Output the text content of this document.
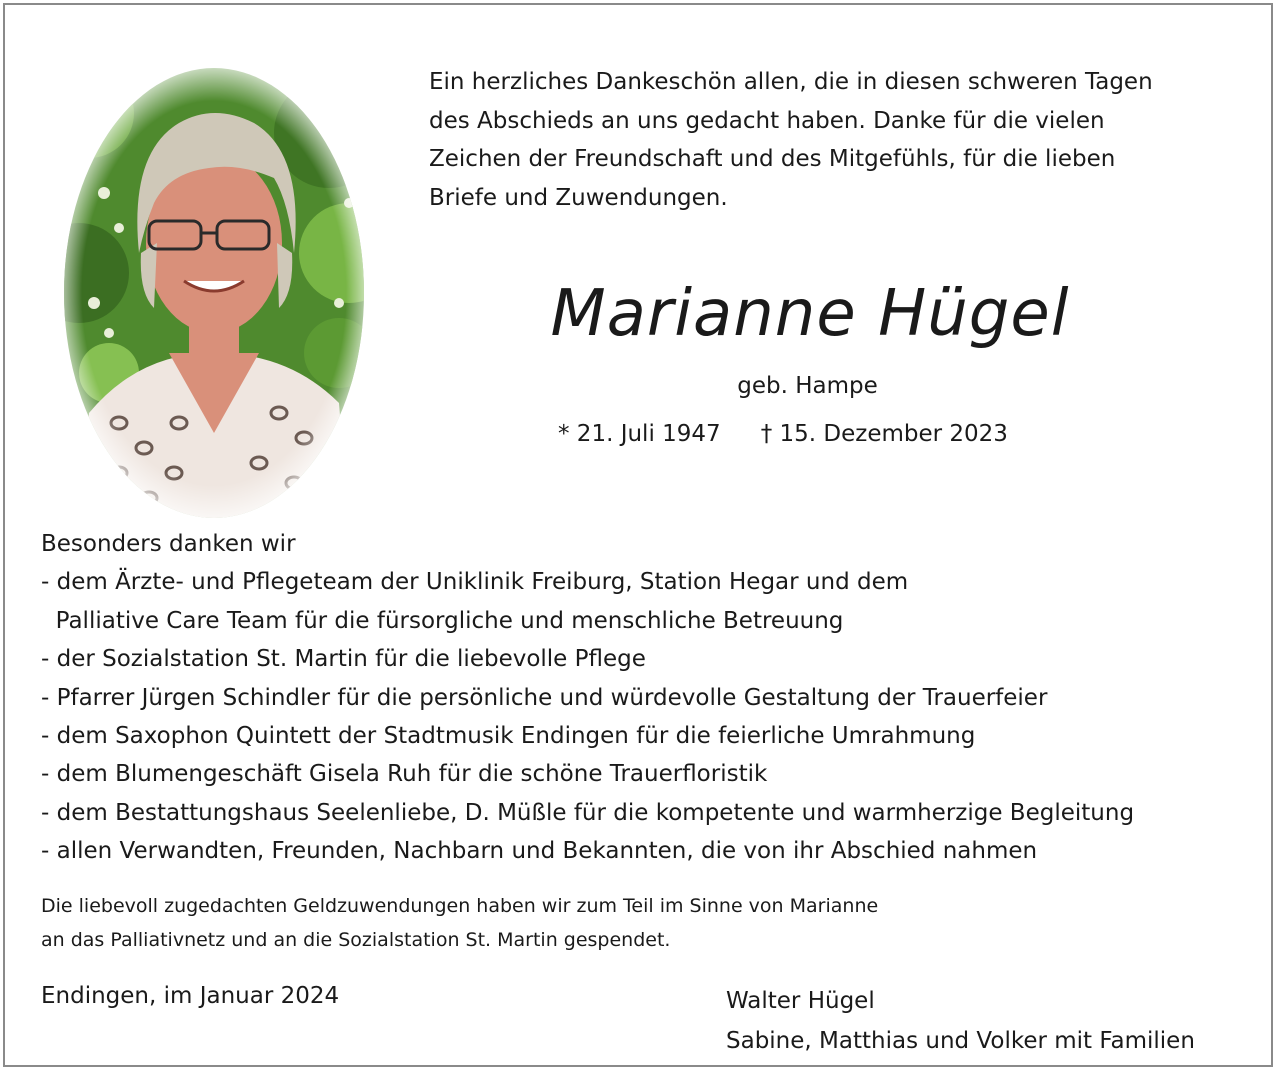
Ein herzliches Dankeschön allen, die in diesen schweren Tagen
des Abschieds an uns gedacht haben. Danke für die vielen
Zeichen der Freundschaft und des Mitgefühls, für die lieben
Briefe und Zuwendungen.

Marianne Hügel

geb. Hampe

* 21. Juli 1947 † 15. Dezember 2023

Besonders danken wir
- dem Ärzte- und Pflegeteam der Uniklinik Freiburg, Station Hegar und dem
Palliative Care Team für die fürsorgliche und menschliche Betreuung
- der Sozialstation St. Martin für die liebevolle Pflege
- Pfarrer Jürgen Schindler für die persönliche und würdevolle Gestaltung der Trauerfeier
- dem Saxophon Quintett der Stadtmusik Endingen für die feierliche Umrahmung
- dem Blumengeschäft Gisela Ruh für die schöne Trauerfloristik
- dem Bestattungshaus Seelenliebe, D. Müßle für die kompetente und warmherzige Begleitung
- allen Verwandten, Freunden, Nachbarn und Bekannten, die von ihr Abschied nahmen
Die liebevoll zugedachten Geldzuwendungen haben wir zum Teil im Sinne von Marianne
an das Palliativnetz und an die Sozialstation St. Martin gespendet.
Endingen, im Januar 2024	Walter Hügel
Sabine, Matthias und Volker mit Familien
